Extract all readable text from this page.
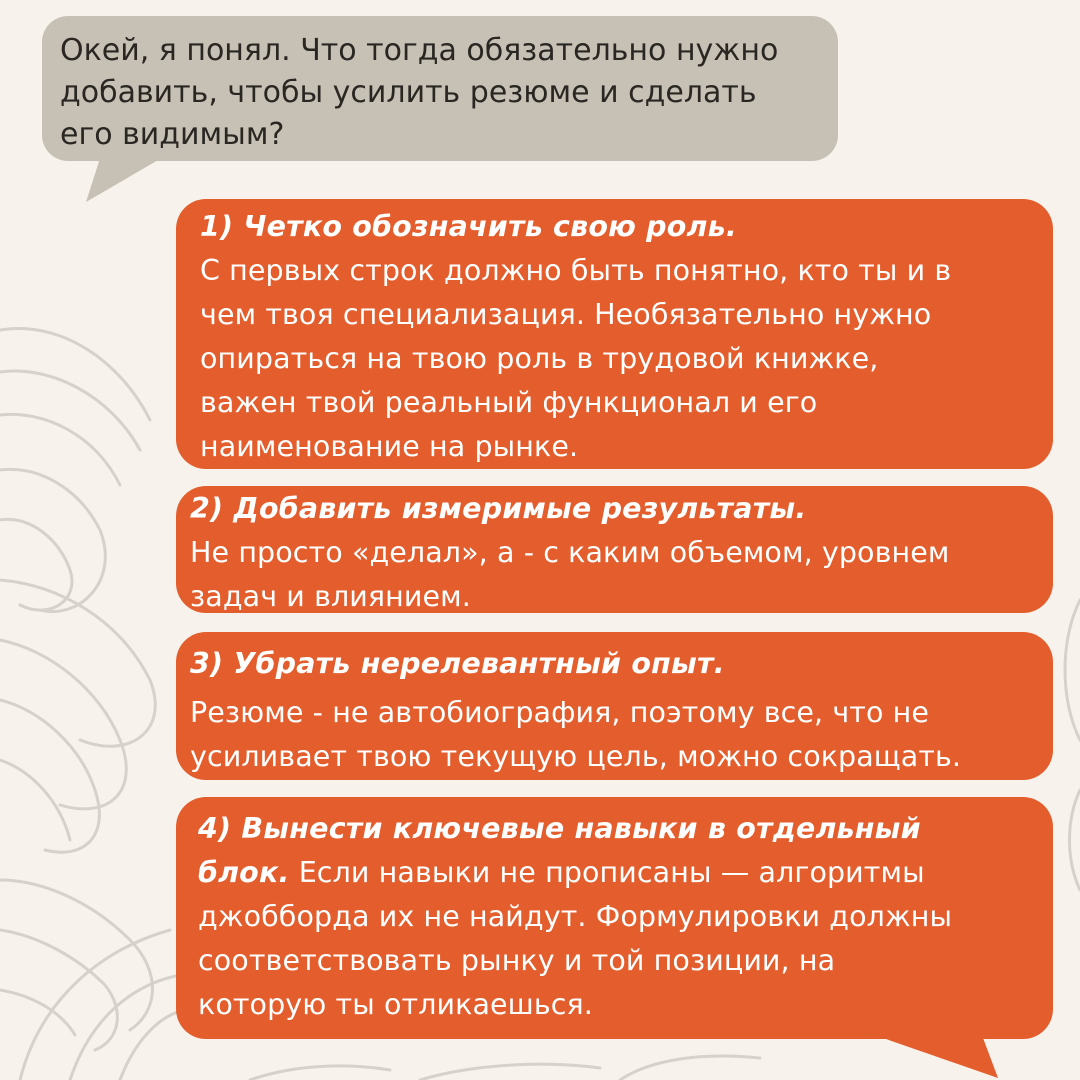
Окей, я понял. Что тогда обязательно нужно
добавить, чтобы усилить резюме и сделать
его видимым?
1) Четко обозначить свою роль.
С первых строк должно быть понятно, кто ты и в
чем твоя специализация. Необязательно нужно
опираться на твою роль в трудовой книжке,
важен твой реальный функционал и его
наименование на рынке.
2) Добавить измеримые результаты.
Не просто «делал», а - с каким объемом, уровнем
задач и влиянием.
3) Убрать нерелевантный опыт.
Резюме - не автобиография, поэтому все, что не
усиливает твою текущую цель, можно сокращать.
4) Вынести ключевые навыки в отдельный
блок. Если навыки не прописаны — алгоритмы
джобборда их не найдут. Формулировки должны
соответствовать рынку и той позиции, на
которую ты отликаешься.
